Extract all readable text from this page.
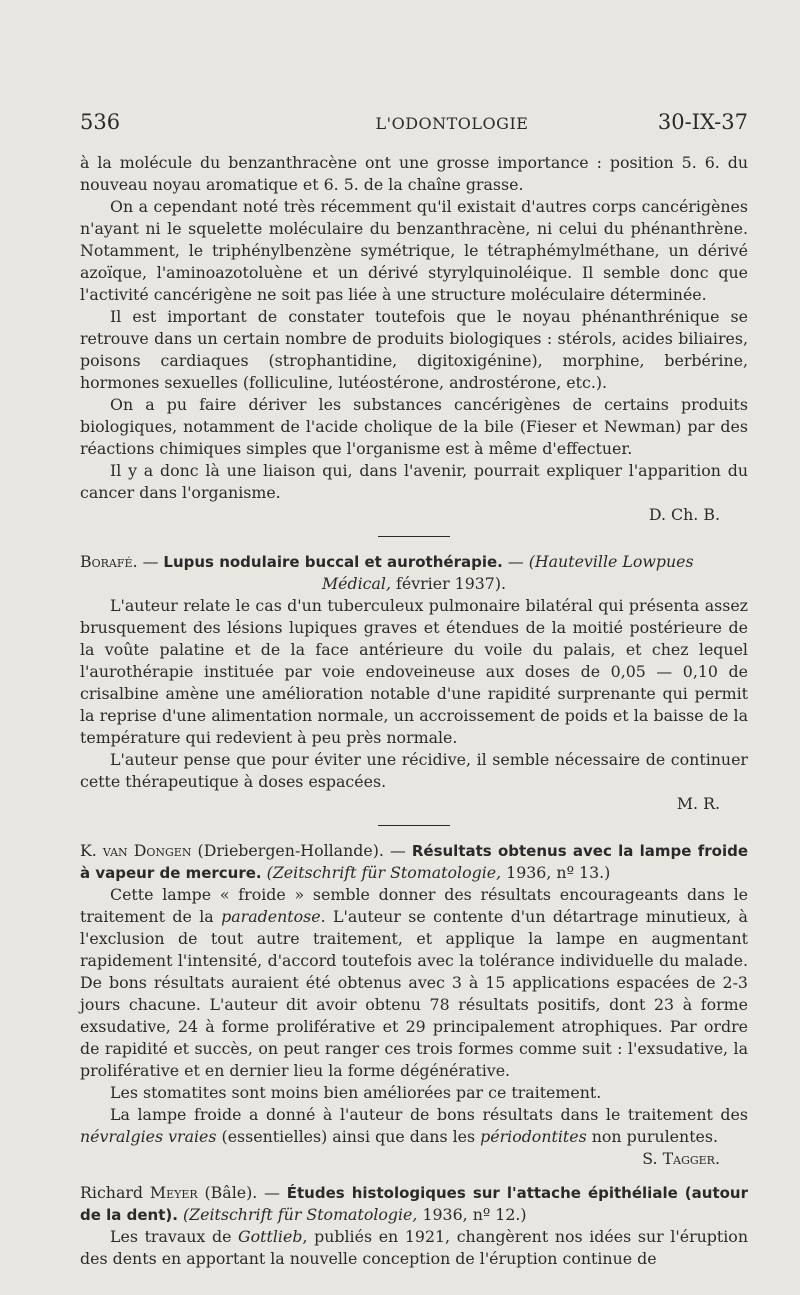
536	L'ODONTOLOGIE	30-IX-37

à la molécule du benzanthracène ont une grosse importance : position 5. 6. du nouveau noyau aromatique et 6. 5. de la chaîne grasse.

On a cependant noté très récemment qu'il existait d'autres corps cancérigènes n'ayant ni le squelette moléculaire du benzanthracène, ni celui du phénanthrène. Notamment, le triphénylbenzène symétrique, le tétraphémylméthane, un dérivé azoïque, l'aminoazotoluène et un dérivé styrylquinoléique. Il semble donc que l'activité cancérigène ne soit pas liée à une structure moléculaire déterminée.

Il est important de constater toutefois que le noyau phénanthrénique se retrouve dans un certain nombre de produits biologiques : stérols, acides biliaires, poisons cardiaques (strophantidine, digitoxigénine), morphine, berbérine, hormones sexuelles (folliculine, lutéostérone, androstérone, etc.).

On a pu faire dériver les substances cancérigènes de certains produits biologiques, notamment de l'acide cholique de la bile (Fieser et Newman) par des réactions chimiques simples que l'organisme est à même d'effectuer.

Il y a donc là une liaison qui, dans l'avenir, pourrait expliquer l'apparition du cancer dans l'organisme.

D. Ch. B.

Borafé. — Lupus nodulaire buccal et aurothérapie. — (Hauteville Lowpues

Médical, février 1937).

L'auteur relate le cas d'un tuberculeux pulmonaire bilatéral qui présenta assez brusquement des lésions lupiques graves et étendues de la moitié postérieure de la voûte palatine et de la face antérieure du voile du palais, et chez lequel l'aurothérapie instituée par voie endoveineuse aux doses de 0,05 — 0,10 de crisalbine amène une amélioration notable d'une rapidité surprenante qui permit la reprise d'une alimentation normale, un accroissement de poids et la baisse de la température qui redevient à peu près normale.

L'auteur pense que pour éviter une récidive, il semble nécessaire de continuer cette thérapeutique à doses espacées.

M. R.

K. van Dongen (Driebergen-Hollande). — Résultats obtenus avec la lampe froide à vapeur de mercure. (Zeitschrift für Stomatologie, 1936, nº 13.)

Cette lampe « froide » semble donner des résultats encourageants dans le traitement de la paradentose. L'auteur se contente d'un détartrage minutieux, à l'exclusion de tout autre traitement, et applique la lampe en augmentant rapidement l'intensité, d'accord toutefois avec la tolérance individuelle du malade. De bons résultats auraient été obtenus avec 3 à 15 applications espacées de 2-3 jours chacune. L'auteur dit avoir obtenu 78 résultats positifs, dont 23 à forme exsudative, 24 à forme proliférative et 29 principalement atrophiques. Par ordre de rapidité et succès, on peut ranger ces trois formes comme suit : l'exsudative, la proliférative et en dernier lieu la forme dégénérative.

Les stomatites sont moins bien améliorées par ce traitement.

La lampe froide a donné à l'auteur de bons résultats dans le traitement des névralgies vraies (essentielles) ainsi que dans les périodontites non purulentes.

S. Tagger.

Richard Meyer (Bâle). — Études histologiques sur l'attache épithéliale (autour de la dent). (Zeitschrift für Stomatologie, 1936, nº 12.)

Les travaux de Gottlieb, publiés en 1921, changèrent nos idées sur l'éruption des dents en apportant la nouvelle conception de l'éruption continue de
